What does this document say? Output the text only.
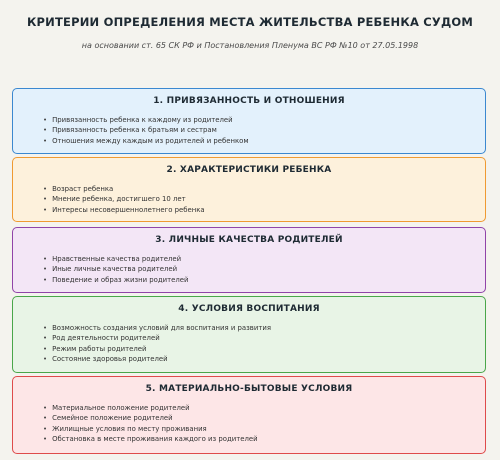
КРИТЕРИИ ОПРЕДЕЛЕНИЯ МЕСТА ЖИТЕЛЬСТВА РЕБЕНКА СУДОМ
на основании ст. 65 СК РФ и Постановления Пленума ВС РФ №10 от 27.05.1998
1. ПРИВЯЗАННОСТЬ И ОТНОШЕНИЯ
• Привязанность ребенка к каждому из родителей
• Привязанность ребенка к братьям и сестрам
• Отношения между каждым из родителей и ребенком
2. ХАРАКТЕРИСТИКИ РЕБЕНКА
• Возраст ребенка
• Мнение ребенка, достигшего 10 лет
• Интересы несовершеннолетнего ребенка
3. ЛИЧНЫЕ КАЧЕСТВА РОДИТЕЛЕЙ
• Нравственные качества родителей
• Иные личные качества родителей
• Поведение и образ жизни родителей
4. УСЛОВИЯ ВОСПИТАНИЯ
• Возможность создания условий для воспитания и развития
• Род деятельности родителей
• Режим работы родителей
• Состояние здоровья родителей
5. МАТЕРИАЛЬНО-БЫТОВЫЕ УСЛОВИЯ
• Материальное положение родителей
• Семейное положение родителей
• Жилищные условия по месту проживания
• Обстановка в месте проживания каждого из родителей
